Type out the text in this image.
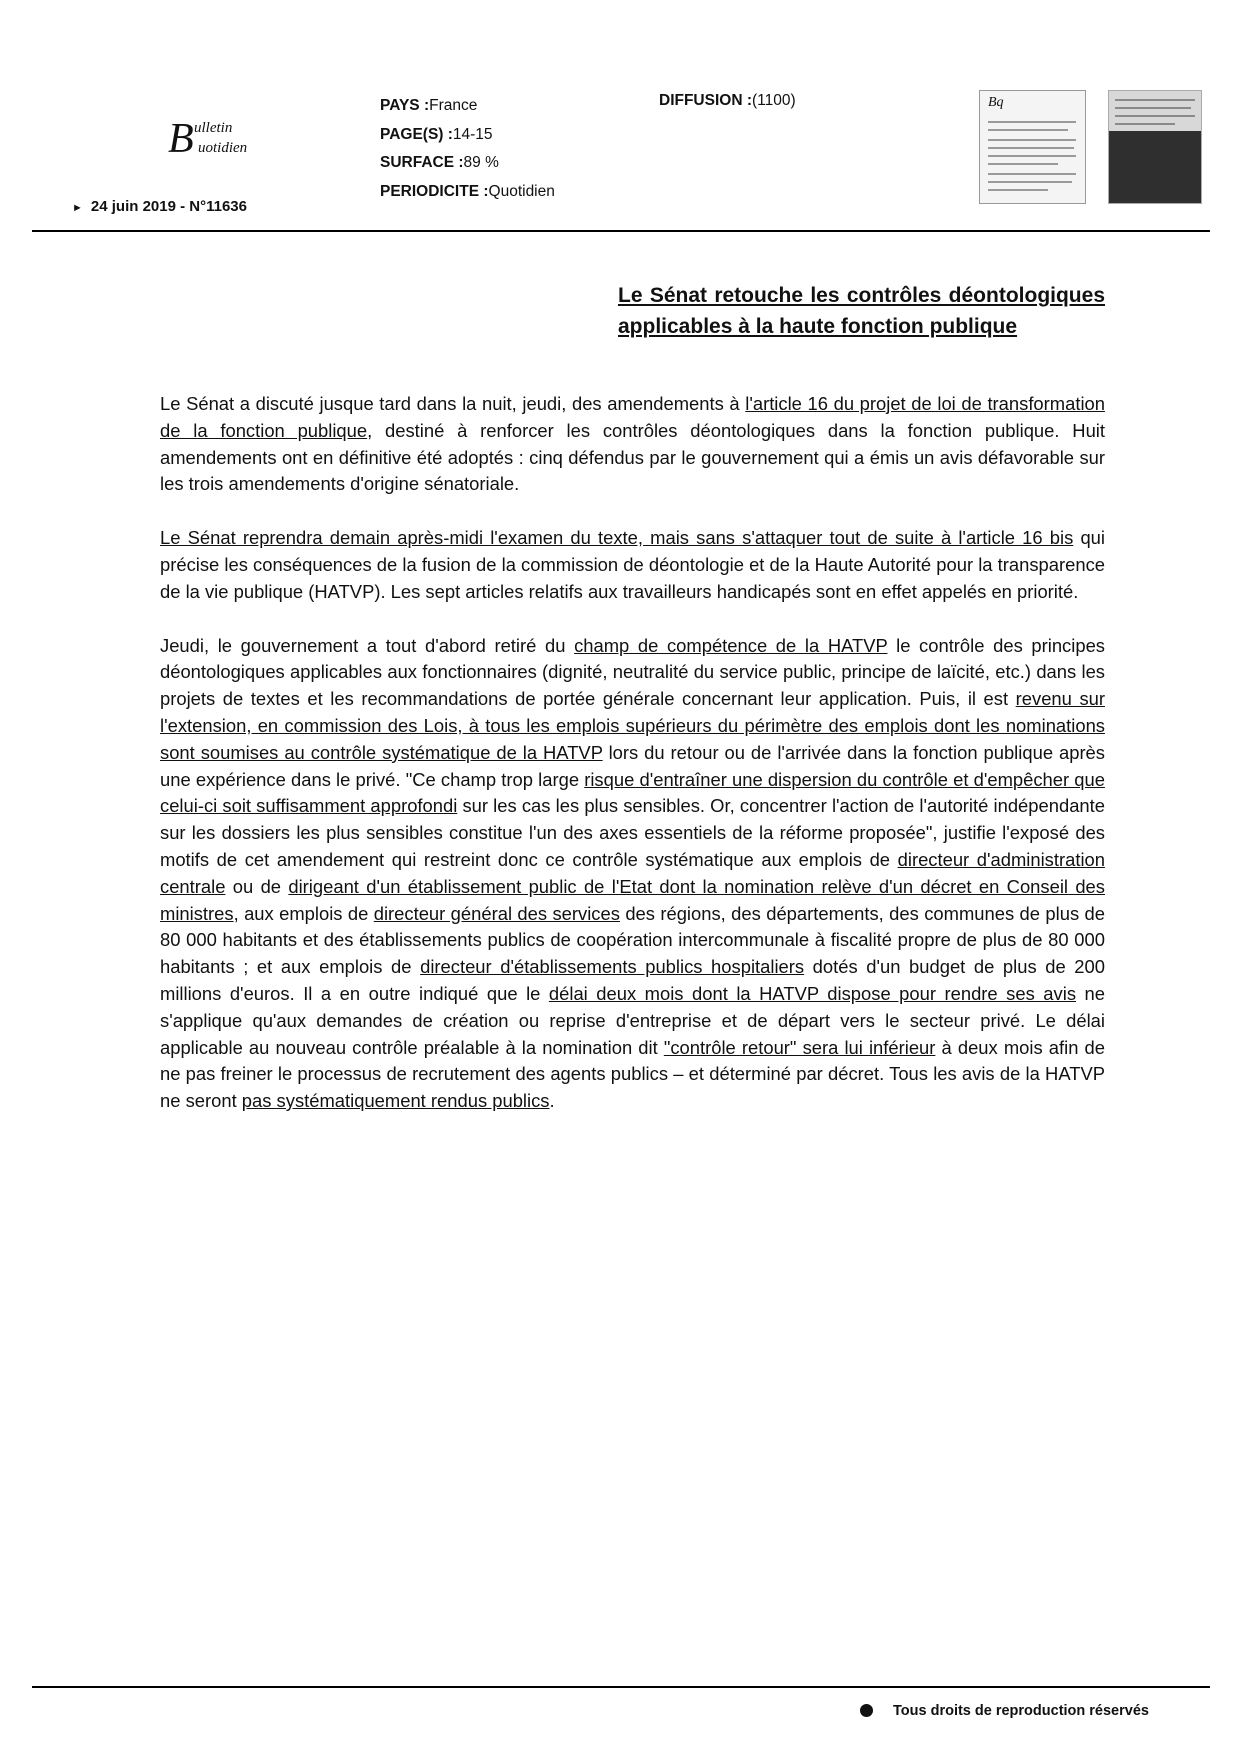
B ulletin
uotidien
► 24 juin 2019 - N°11636
PAYS :France
PAGE(S) :14-15
SURFACE :89 %
PERIODICITE :Quotidien
DIFFUSION :(1100)	Bq
Le Sénat retouche les contrôles déontologiques applicables à la haute fonction publique

Le Sénat a discuté jusque tard dans la nuit, jeudi, des amendements à l'article 16 du projet de loi de transformation de la fonction publique, destiné à renforcer les contrôles déontologiques dans la fonction publique. Huit amendements ont en définitive été adoptés : cinq défendus par le gouvernement qui a émis un avis défavorable sur les trois amendements d'origine sénatoriale.

Le Sénat reprendra demain après-midi l'examen du texte, mais sans s'attaquer tout de suite à l'article 16 bis qui précise les conséquences de la fusion de la commission de déontologie et de la Haute Autorité pour la transparence de la vie publique (HATVP). Les sept articles relatifs aux travailleurs handicapés sont en effet appelés en priorité.

Jeudi, le gouvernement a tout d'abord retiré du champ de compétence de la HATVP le contrôle des principes déontologiques applicables aux fonctionnaires (dignité, neutralité du service public, principe de laïcité, etc.) dans les projets de textes et les recommandations de portée générale concernant leur application. Puis, il est revenu sur l'extension, en commission des Lois, à tous les emplois supérieurs du périmètre des emplois dont les nominations sont soumises au contrôle systématique de la HATVP lors du retour ou de l'arrivée dans la fonction publique après une expérience dans le privé. "Ce champ trop large risque d'entraîner une dispersion du contrôle et d'empêcher que celui-ci soit suffisamment approfondi sur les cas les plus sensibles. Or, concentrer l'action de l'autorité indépendante sur les dossiers les plus sensibles constitue l'un des axes essentiels de la réforme proposée", justifie l'exposé des motifs de cet amendement qui restreint donc ce contrôle systématique aux emplois de directeur d'administration centrale ou de dirigeant d'un établissement public de l'Etat dont la nomination relève d'un décret en Conseil des ministres, aux emplois de directeur général des services des régions, des départements, des communes de plus de 80 000 habitants et des établissements publics de coopération intercommunale à fiscalité propre de plus de 80 000 habitants ; et aux emplois de directeur d'établissements publics hospitaliers dotés d'un budget de plus de 200 millions d'euros. Il a en outre indiqué que le délai deux mois dont la HATVP dispose pour rendre ses avis ne s'applique qu'aux demandes de création ou reprise d'entreprise et de départ vers le secteur privé. Le délai applicable au nouveau contrôle préalable à la nomination dit "contrôle retour" sera lui inférieur à deux mois afin de ne pas freiner le processus de recrutement des agents publics – et déterminé par décret. Tous les avis de la HATVP ne seront pas systématiquement rendus publics.

Tous droits de reproduction réservés
